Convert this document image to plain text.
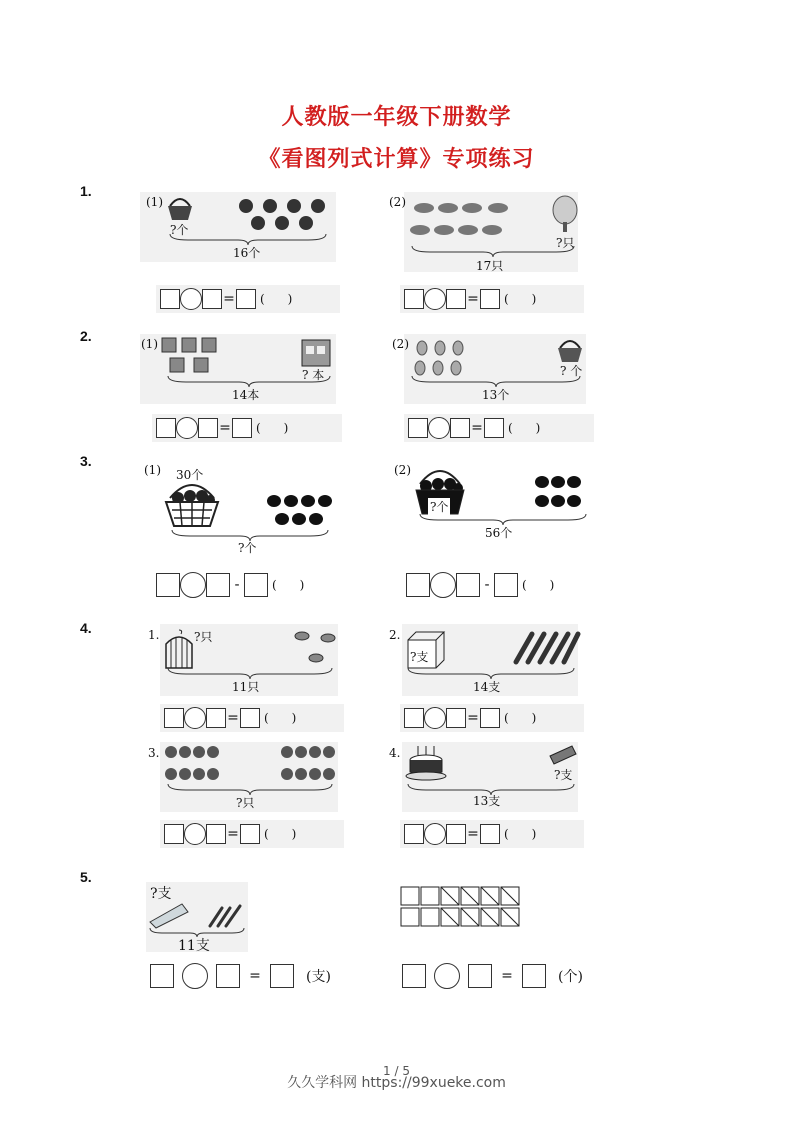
人教版一年级下册数学
《看图列式计算》专项练习
1.
(1)
?个
16个
(2)
?只
17只
= (      )	= (      )
2.	(1)
? 本
14本
(2)
? 个
13个
= (      )	= (      )
3.
(1) 30个
?个
(2)
?个
56个
-	(      )	-	(      )
4.	1.	?只
11只
2.
?支
14支
= (      )	= (      )
3.
?只
4.
?支
13支
= (      )	= (      )
5.
?支
11支
=	(支)	=	(个)
1 / 5
久久学科网 https://99xueke.com
